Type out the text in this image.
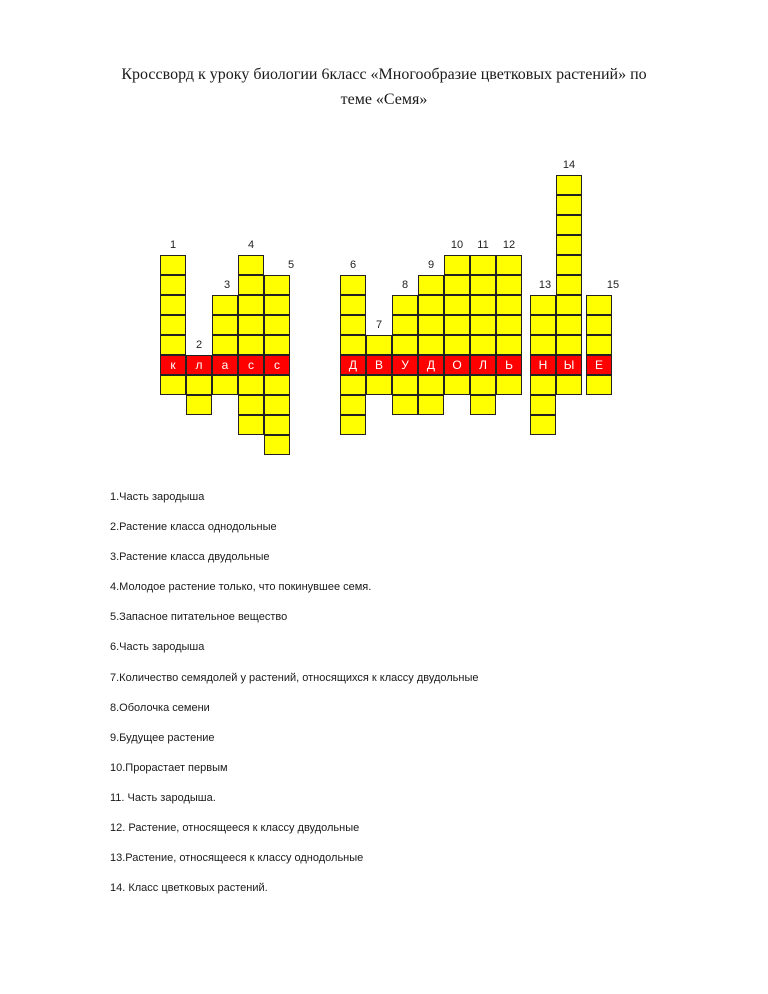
Кроссворд к уроку биологии 6класс «Многообразие цветковых растений» по

теме «Семя»

к	л	а	с	с	Д	В	У	Д	О	Л	Ь	Н	Ы	Е
1
2
3
4
5	6
7
8
9
10	11	12
13
14
15
1.Часть зародыша
2.Растение класса однодольные
3.Растение класса двудольные
4.Молодое растение только, что покинувшее семя.
5.Запасное питательное вещество
6.Часть зародыша
7.Количество семядолей у растений, относящихся к классу двудольные
8.Оболочка семени
9.Будущее растение
10.Прорастает первым
11. Часть зародыша.
12. Растение, относящееся к классу двудольные
13.Растение, относящееся к классу однодольные
14. Класс цветковых растений.
